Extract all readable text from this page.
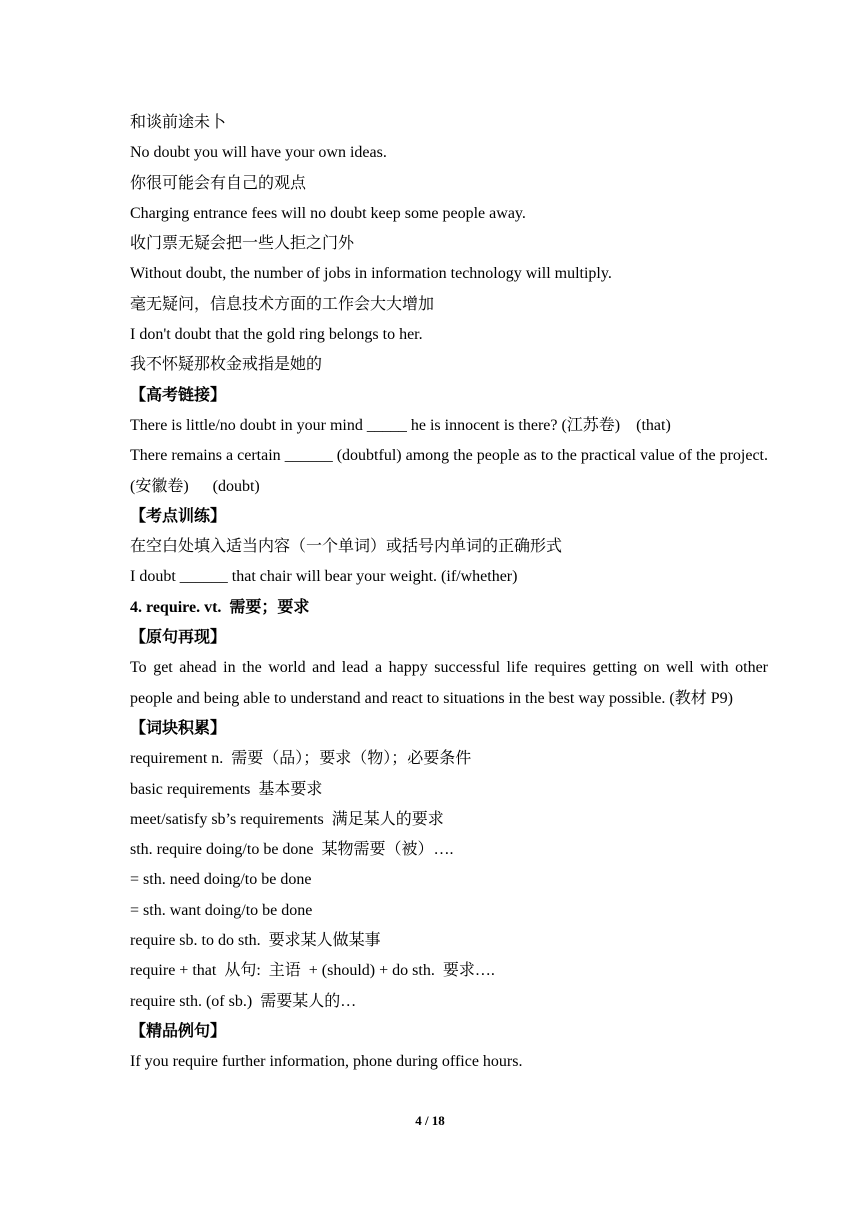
和谈前途未卜
No doubt you will have your own ideas.
你很可能会有自己的观点
Charging entrance fees will no doubt keep some people away.
收门票无疑会把一些人拒之门外
Without doubt, the number of jobs in information technology will multiply.
毫无疑问，信息技术方面的工作会大大增加
I don't doubt that the gold ring belongs to her.
我不怀疑那枚金戒指是她的
【高考链接】
There is little/no doubt in your mind _____ he is innocent is there? (江苏卷)    (that)
There remains a certain ______ (doubtful) among the people as to the practical value of the project. (安徽卷)      (doubt)
【考点训练】
在空白处填入适当内容（一个单词）或括号内单词的正确形式
I doubt ______ that chair will bear your weight. (if/whether)
4. require. vt.  需要；要求
【原句再现】
To get ahead in the world and lead a happy successful life requires getting on well with other people and being able to understand and react to situations in the best way possible. (教材 P9)
【词块积累】
requirement n.  需要（品）；要求（物）；必要条件
basic requirements  基本要求
meet/satisfy sb’s requirements  满足某人的要求
sth. require doing/to be done  某物需要（被）….
= sth. need doing/to be done
= sth. want doing/to be done
require sb. to do sth.  要求某人做某事
require + that  从句:  主语  + (should) + do sth.  要求….
require sth. (of sb.)  需要某人的…
【精品例句】
If you require further information, phone during office hours.
4 / 18
